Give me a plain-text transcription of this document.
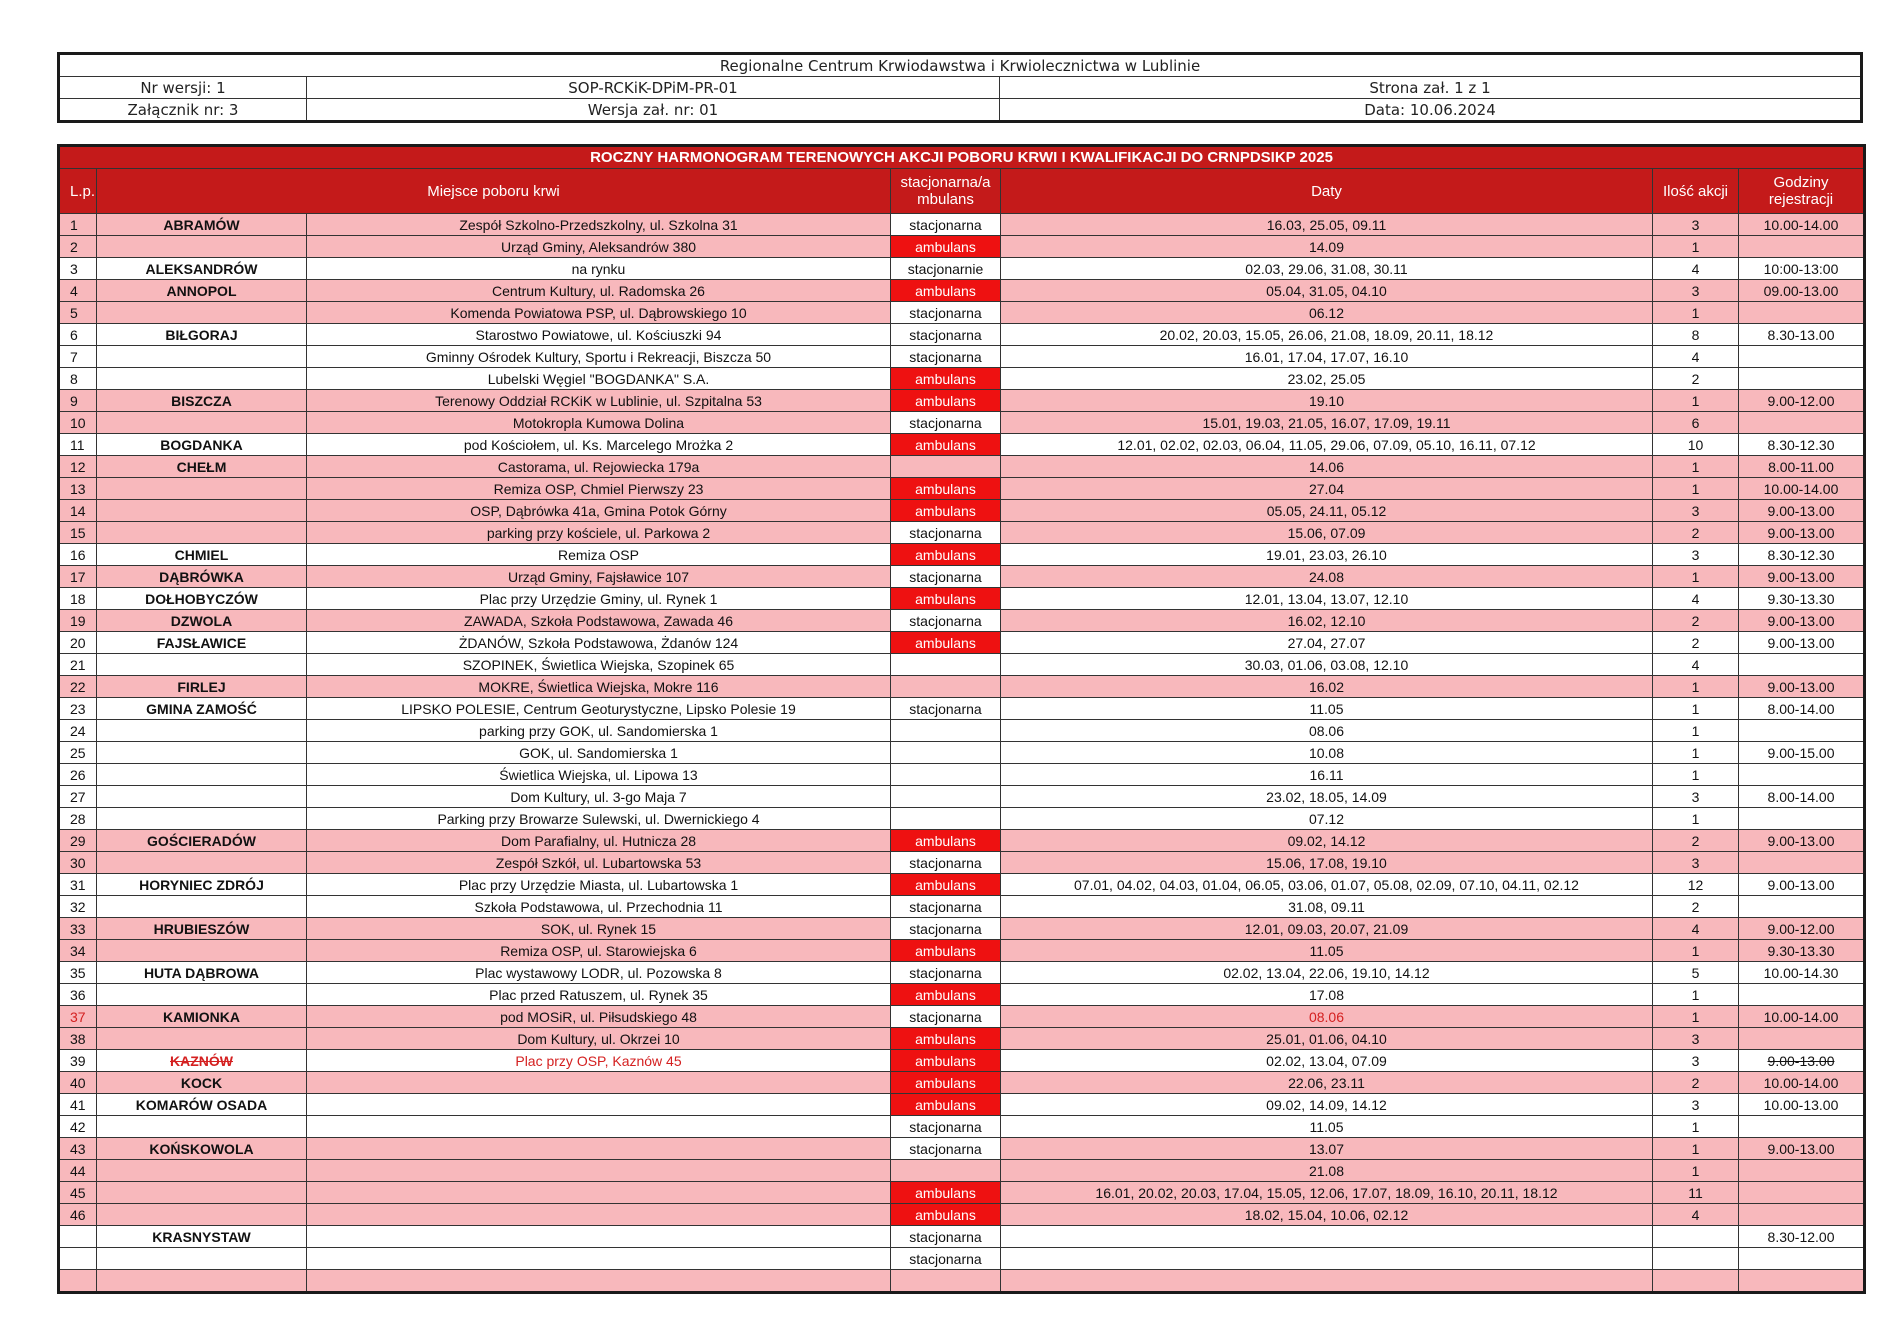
Regionalne Centrum Krwiodawstwa i Krwiolecznictwa w Lublinie		
Nr wersji: 1	SOP-RCKiK-DPiM-PR-01	Strona zał. 1 z 1
Załącznik nr: 3	Wersja zał. nr: 01	Data: 10.06.2024
ROCZNY HARMONOGRAM TERENOWYCH AKCJI POBORU KRWI I KWALIFIKACJI DO CRNPDSIKP 2025						
L.p.	Miejsce poboru krwi		stacjonarna/a mbulans	Daty	Ilość akcji	Godziny rejestracji
1	ABRAMÓW	Zespół Szkolno-Przedszkolny, ul. Szkolna 31	stacjonarna	16.03, 25.05, 09.11	3	10.00-14.00
2		Urząd Gminy, Aleksandrów 380	ambulans	14.09	1	
3	ALEKSANDRÓW	na rynku	stacjonarnie	02.03, 29.06, 31.08, 30.11	4	10:00-13:00
4	ANNOPOL	Centrum Kultury, ul. Radomska 26	ambulans	05.04, 31.05, 04.10	3	09.00-13.00
5		Komenda Powiatowa PSP, ul. Dąbrowskiego 10	stacjonarna	06.12	1	
6	BIŁGORAJ	Starostwo Powiatowe, ul. Kościuszki 94	stacjonarna	20.02, 20.03, 15.05, 26.06, 21.08, 18.09, 20.11, 18.12	8	8.30-13.00
7		Gminny Ośrodek Kultury, Sportu i Rekreacji, Biszcza 50	stacjonarna	16.01, 17.04, 17.07, 16.10	4	
8		Lubelski Węgiel "BOGDANKA" S.A.	ambulans	23.02, 25.05	2	
9	BISZCZA	Terenowy Oddział RCKiK w Lublinie, ul. Szpitalna 53	ambulans	19.10	1	9.00-12.00
10		Motokropla Kumowa Dolina	stacjonarna	15.01, 19.03, 21.05, 16.07, 17.09, 19.11	6	
11	BOGDANKA	pod Kościołem, ul. Ks. Marcelego Mrożka 2	ambulans	12.01, 02.02, 02.03, 06.04, 11.05, 29.06, 07.09, 05.10, 16.11, 07.12	10	8.30-12.30
12	CHEŁM	Castorama, ul. Rejowiecka 179a		14.06	1	8.00-11.00
13		Remiza OSP, Chmiel Pierwszy 23	ambulans	27.04	1	10.00-14.00
14		OSP, Dąbrówka 41a, Gmina Potok Górny	ambulans	05.05, 24.11, 05.12	3	9.00-13.00
15		parking przy kościele, ul. Parkowa 2	stacjonarna	15.06, 07.09	2	9.00-13.00
16	CHMIEL	Remiza OSP	ambulans	19.01, 23.03, 26.10	3	8.30-12.30
17	DĄBRÓWKA	Urząd Gminy, Fajsławice 107	stacjonarna	24.08	1	9.00-13.00
18	DOŁHOBYCZÓW	Plac przy Urzędzie Gminy, ul. Rynek 1	ambulans	12.01, 13.04, 13.07, 12.10	4	9.30-13.30
19	DZWOLA	ZAWADA, Szkoła Podstawowa, Zawada 46	stacjonarna	16.02, 12.10	2	9.00-13.00
20	FAJSŁAWICE	ŻDANÓW, Szkoła Podstawowa, Żdanów 124	ambulans	27.04, 27.07	2	9.00-13.00
21		SZOPINEK, Świetlica Wiejska, Szopinek 65		30.03, 01.06, 03.08, 12.10	4	
22	FIRLEJ	MOKRE, Świetlica Wiejska, Mokre 116		16.02	1	9.00-13.00
23	GMINA ZAMOŚĆ	LIPSKO POLESIE, Centrum Geoturystyczne, Lipsko Polesie 19	stacjonarna	11.05	1	8.00-14.00
24		parking przy GOK, ul. Sandomierska 1		08.06	1	
25		GOK, ul. Sandomierska 1		10.08	1	9.00-15.00
26		Świetlica Wiejska, ul. Lipowa 13		16.11	1	
27		Dom Kultury, ul. 3-go Maja 7		23.02, 18.05, 14.09	3	8.00-14.00
28		Parking przy Browarze Sulewski, ul. Dwernickiego 4		07.12	1	
29	GOŚCIERADÓW	Dom Parafialny, ul. Hutnicza 28	ambulans	09.02, 14.12	2	9.00-13.00
30		Zespół Szkół, ul. Lubartowska 53	stacjonarna	15.06, 17.08, 19.10	3	
31	HORYNIEC ZDRÓJ	Plac przy Urzędzie Miasta, ul. Lubartowska 1	ambulans	07.01, 04.02, 04.03, 01.04, 06.05, 03.06, 01.07, 05.08, 02.09, 07.10, 04.11, 02.12	12	9.00-13.00
32		Szkoła Podstawowa, ul. Przechodnia 11	stacjonarna	31.08, 09.11	2	
33	HRUBIESZÓW	SOK, ul. Rynek 15	stacjonarna	12.01, 09.03, 20.07, 21.09	4	9.00-12.00
34		Remiza OSP, ul. Starowiejska 6	ambulans	11.05	1	9.30-13.30
35	HUTA DĄBROWA	Plac wystawowy LODR, ul. Pozowska 8	stacjonarna	02.02, 13.04, 22.06, 19.10, 14.12	5	10.00-14.30
36		Plac przed Ratuszem, ul. Rynek 35	ambulans	17.08	1	
37	KAMIONKA	pod MOSiR, ul. Piłsudskiego 48	stacjonarna	08.06	1	10.00-14.00
38		Dom Kultury, ul. Okrzei 10	ambulans	25.01, 01.06, 04.10	3	
39	KAZNÓW	Plac przy OSP, Kaznów 45	ambulans	02.02, 13.04, 07.09	3	9.00-13.00
40	KOCK		ambulans	22.06, 23.11	2	10.00-14.00
41	KOMARÓW OSADA		ambulans	09.02, 14.09, 14.12	3	10.00-13.00
42			stacjonarna	11.05	1	
43	KOŃSKOWOLA		stacjonarna	13.07	1	9.00-13.00
44				21.08	1	
45			ambulans	16.01, 20.02, 20.03, 17.04, 15.05, 12.06, 17.07, 18.09, 16.10, 20.11, 18.12	11	
46			ambulans	18.02, 15.04, 10.06, 02.12	4	
	KRASNYSTAW		stacjonarna			8.30-12.00
			stacjonarna			
